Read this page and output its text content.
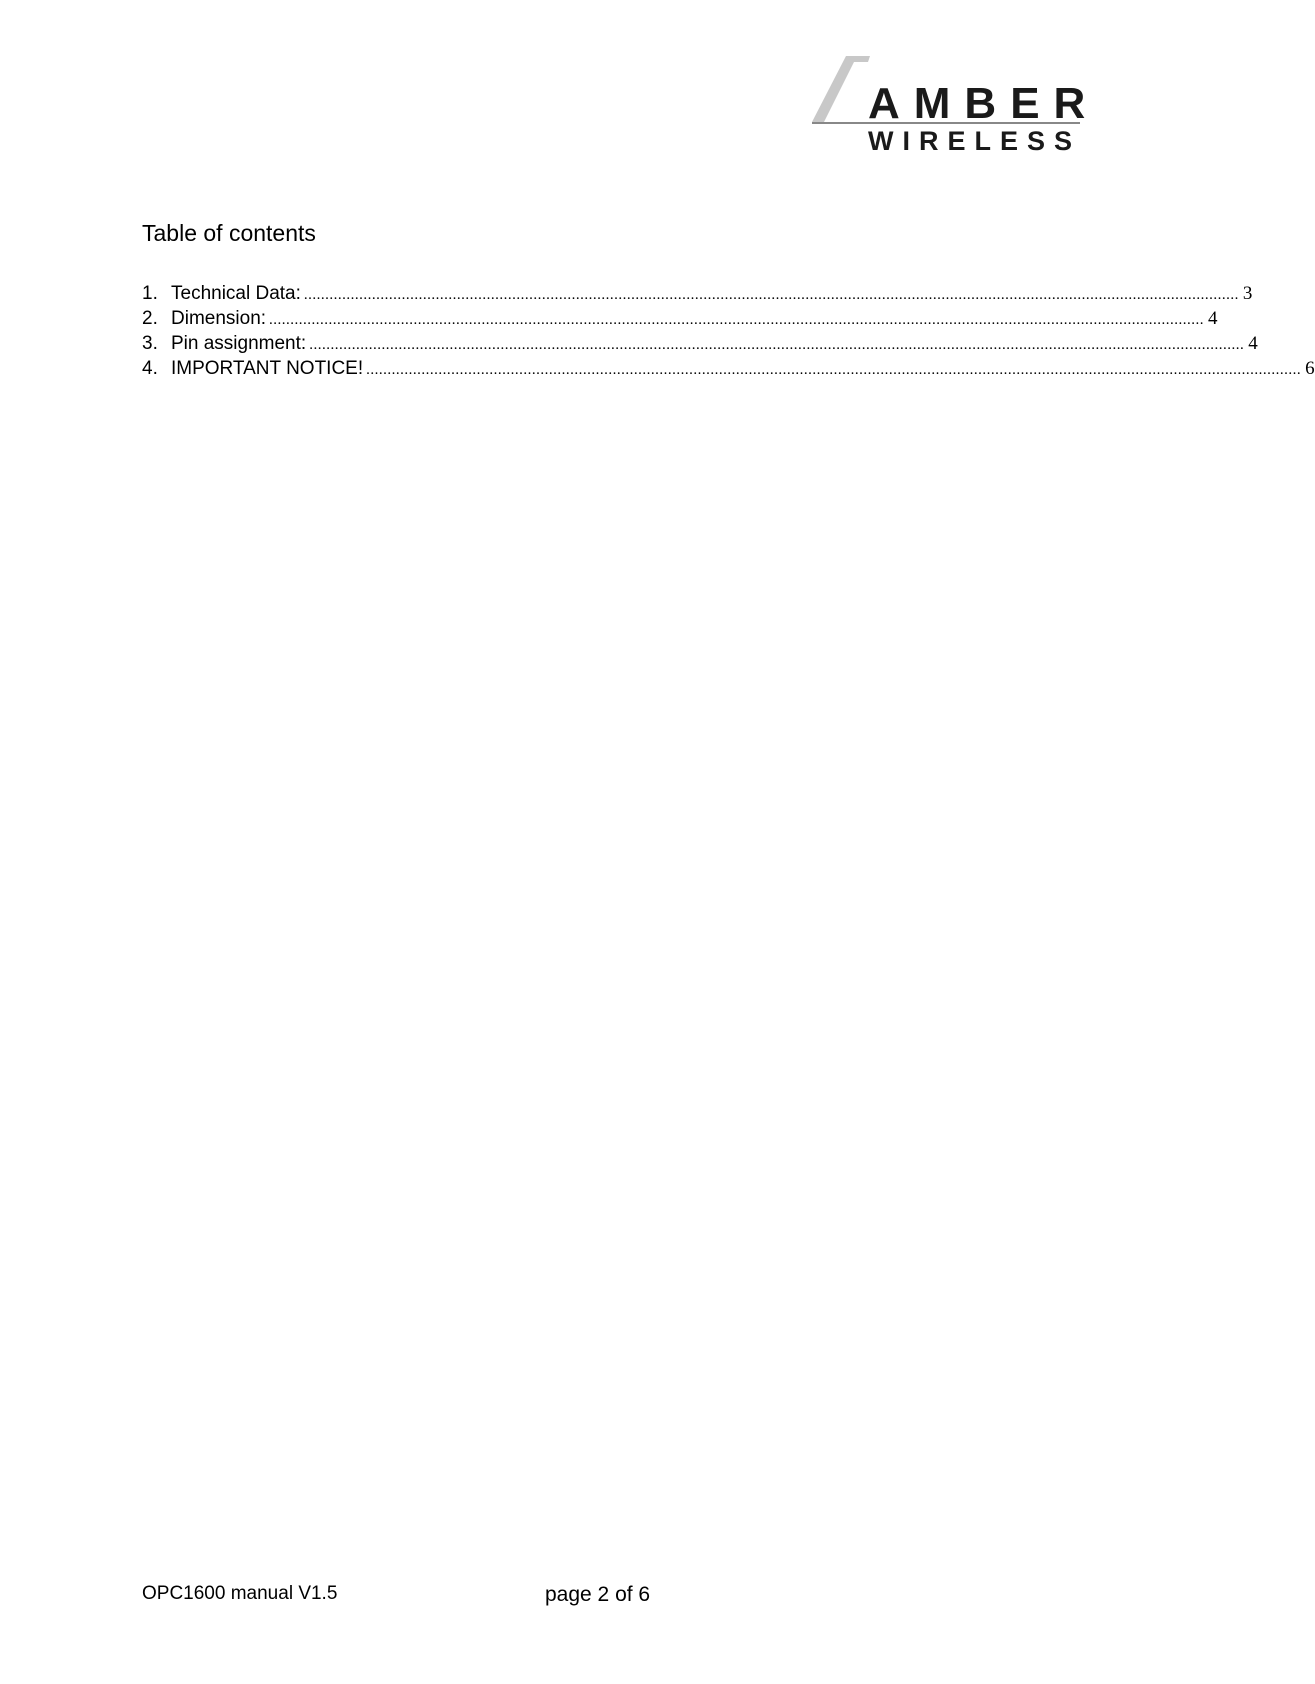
AMBER
WIRELESS
Table of contents
1. Technical Data: ............................................................................................................................................................................................................................ 3
2. Dimension: ............................................................................................................................................................................................................................ 4
3. Pin assignment: ............................................................................................................................................................................................................................ 4
4. IMPORTANT NOTICE! ............................................................................................................................................................................................................................ 6
OPC1600 manual V1.5	page 2 of 6
